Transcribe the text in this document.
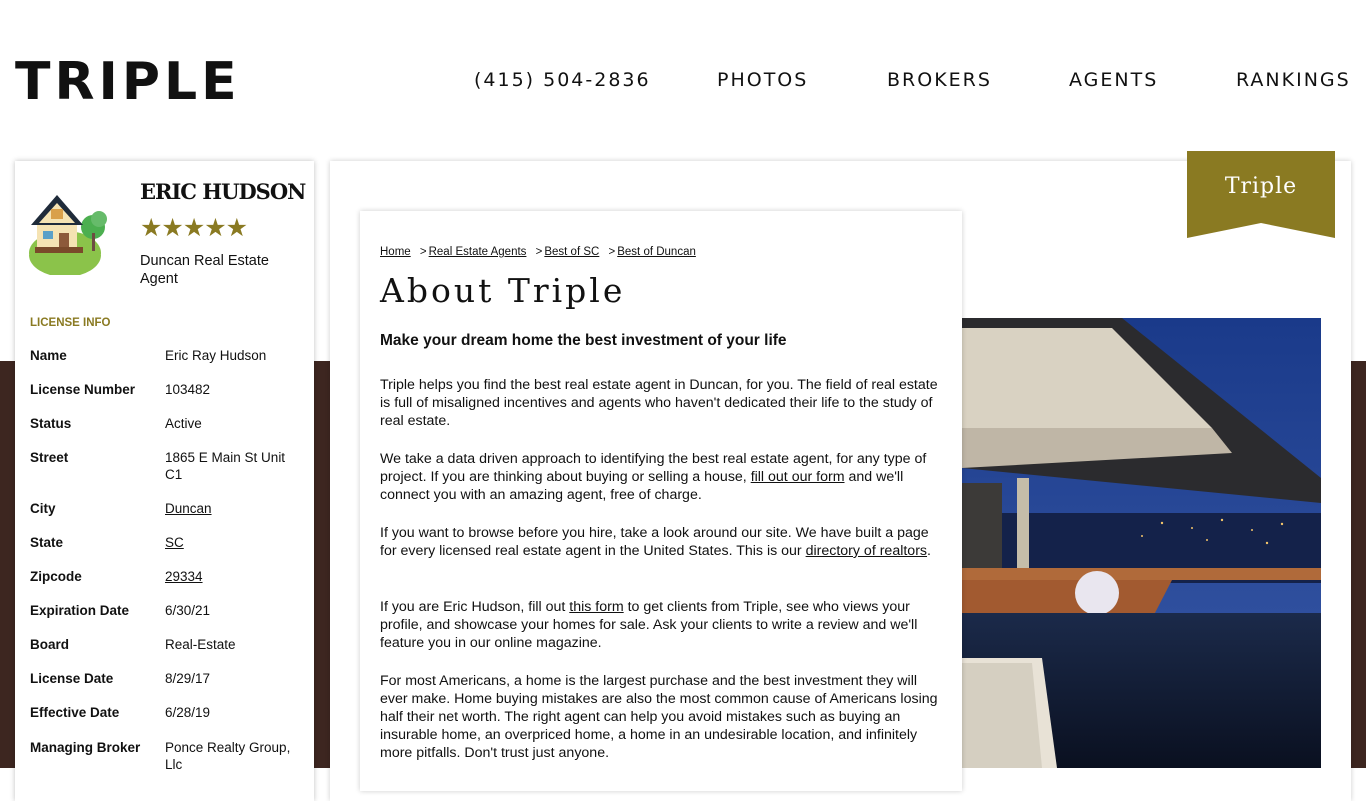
TRIPLE	(415) 504-2836	PHOTOS	BROKERS	AGENTS	RANKINGS
Triple
ERIC HUDSON
★★★★★
Duncan Real Estate Agent
LICENSE INFO
Name	Eric Ray Hudson
License Number	103482
Status	Active
Street	1865 E Main St Unit C1
City	Duncan
State	SC
Zipcode	29334
Expiration Date	6/30/21
Board	Real-Estate
License Date	8/29/17
Effective Date	6/28/19
Managing Broker	Ponce Realty Group, Llc
Home > Real Estate Agents > Best of SC > Best of Duncan
About Triple
Make your dream home the best investment of your life

Triple helps you find the best real estate agent in Duncan, for you. The field of real estate is full of misaligned incentives and agents who haven't dedicated their life to the study of real estate.

We take a data driven approach to identifying the best real estate agent, for any type of project. If you are thinking about buying or selling a house, fill out our form and we'll connect you with an amazing agent, free of charge.

If you want to browse before you hire, take a look around our site. We have built a page for every licensed real estate agent in the United States. This is our directory of realtors.

If you are Eric Hudson, fill out this form to get clients from Triple, see who views your profile, and showcase your homes for sale. Ask your clients to write a review and we'll feature you in our online magazine.

For most Americans, a home is the largest purchase and the best investment they will ever make. Home buying mistakes are also the most common cause of Americans losing half their net worth. The right agent can help you avoid mistakes such as buying an insurable home, an overpriced home, a home in an undesirable location, and infinitely more pitfalls. Don't trust just anyone.
